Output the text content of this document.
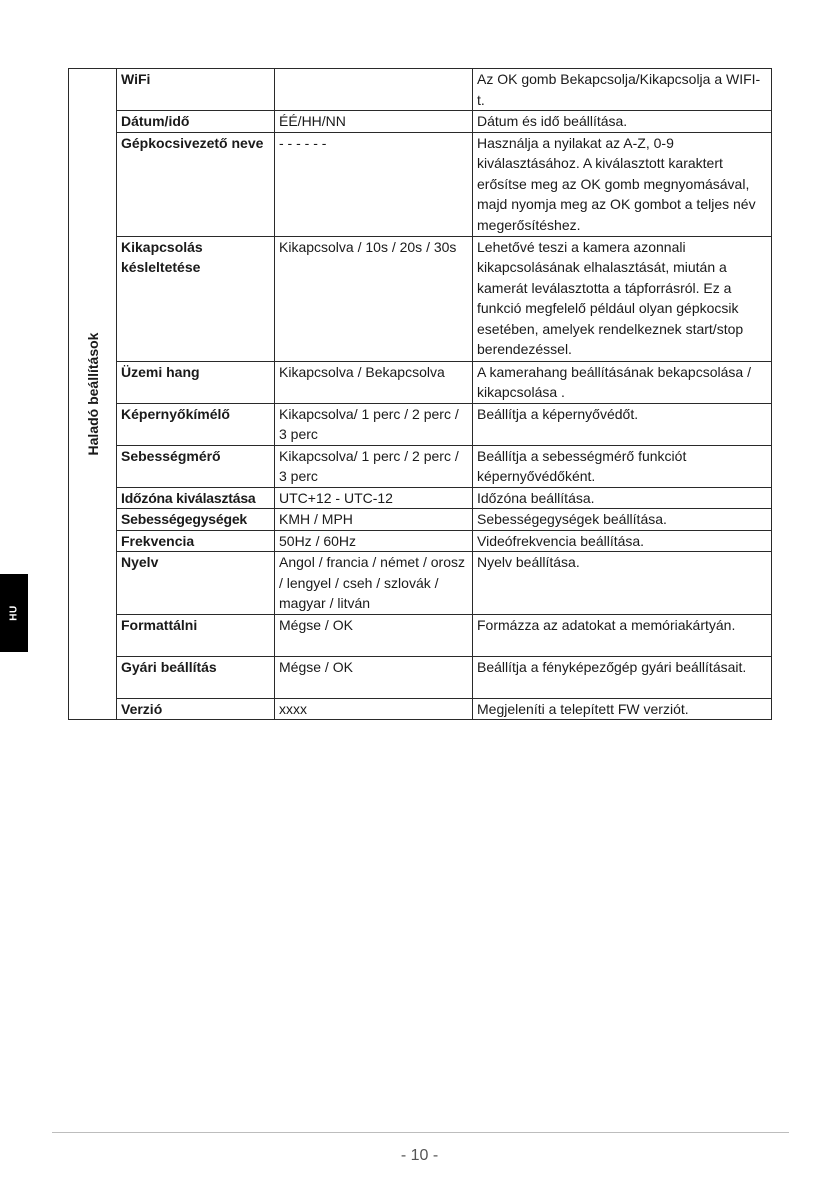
HU
Haladó beállítások	WiFi		Az OK gomb Bekapcsolja/Kikapcsolja a WIFI-t.
	Dátum/idő	ÉÉ/HH/NN	Dátum és idő beállítása.
	Gépkocsivezető neve	- - - - - -	Használja a nyilakat az A-Z, 0-9 kiválasztásához. A kiválasztott karaktert erősítse meg az OK gomb megnyomásával, majd nyomja meg az OK gombot a teljes név megerősítéshez.
	Kikapcsolás késleltetése	Kikapcsolva / 10s / 20s / 30s	Lehetővé teszi a kamera azonnali kikapcsolásának elhalasztását, miután a kamerát leválasztotta a tápforrásról. Ez a funkció megfelelő például olyan gépkocsik esetében, amelyek rendelkeznek start/stop berendezéssel.
	Üzemi hang	Kikapcsolva / Bekapcsolva	A kamerahang beállításának bekapcsolása / kikapcsolása .
	Képernyőkímélő	Kikapcsolva/ 1 perc / 2 perc / 3 perc	Beállítja a képernyővédőt.
	Sebességmérő	Kikapcsolva/ 1 perc / 2 perc / 3 perc	Beállítja a sebességmérő funkciót képernyővédőként.
	Időzóna kiválasztása	UTC+12 - UTC-12	Időzóna beállítása.
	Sebességegységek	KMH / MPH	Sebességegységek beállítása.
	Frekvencia	50Hz / 60Hz	Videófrekvencia beállítása.
	Nyelv	Angol / francia / német / orosz / lengyel / cseh / szlovák / magyar / litván	Nyelv beállítása.
	Formattálni	Mégse / OK	Formázza az adatokat a memóriakártyán.
	Gyári beállítás	Mégse / OK	Beállítja a fényképezőgép gyári beállításait.
	Verzió	xxxx	Megjeleníti a telepített FW verziót.
- 10 -
